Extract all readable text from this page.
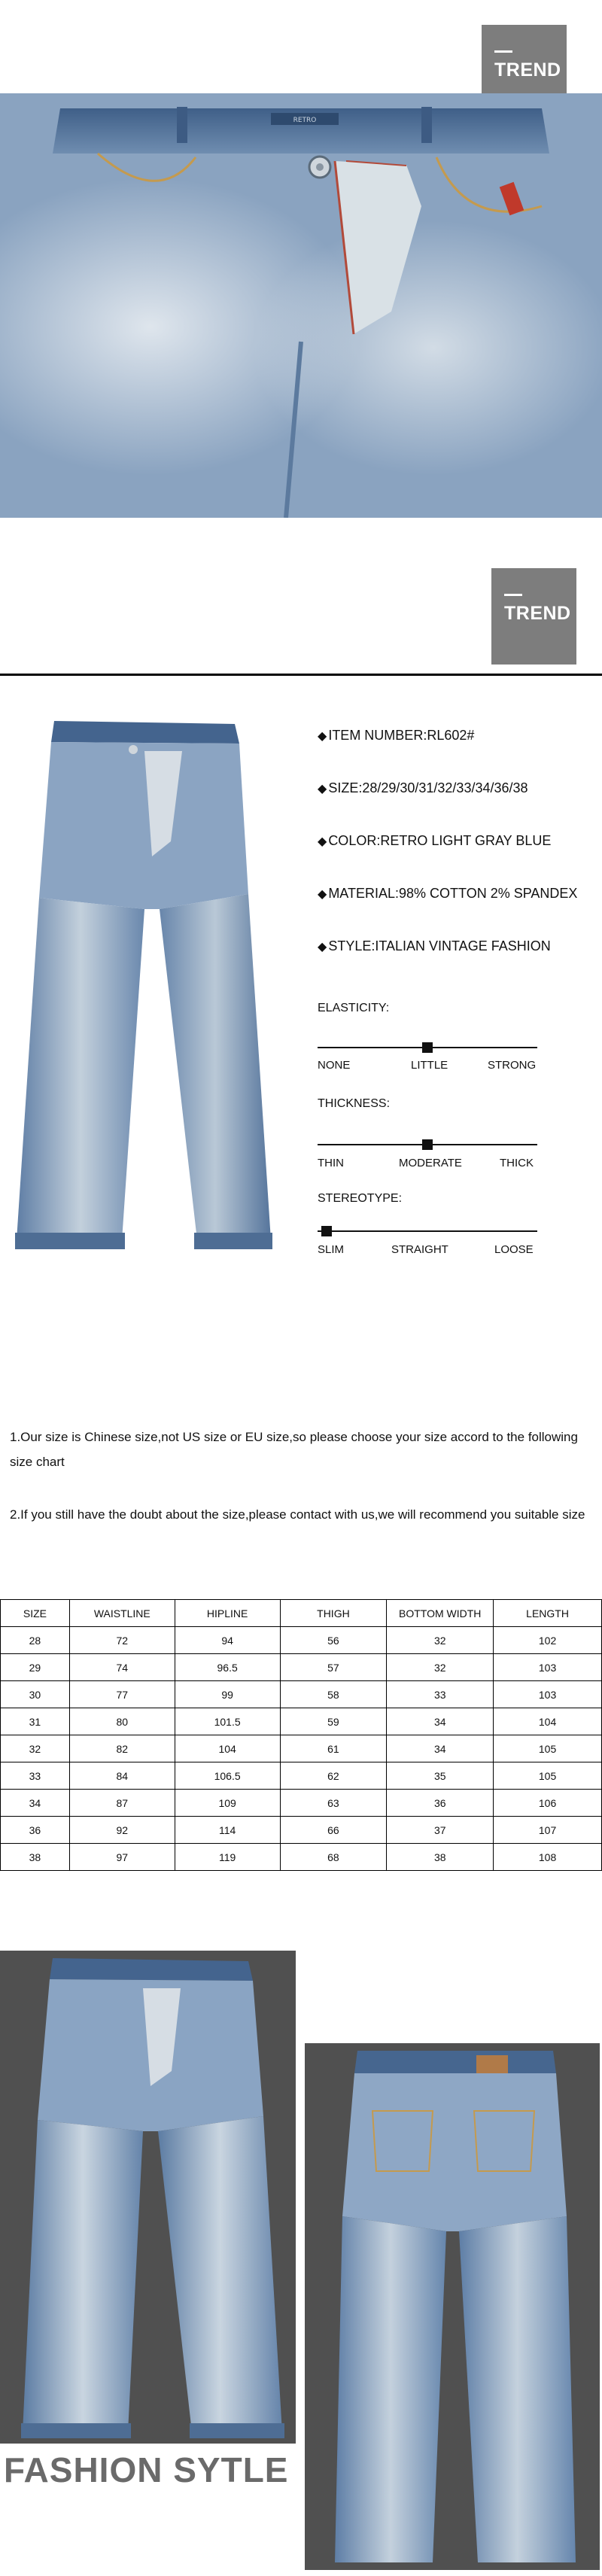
TREND
RETRO
TREND
◆ ITEM NUMBER:RL602#
◆ SIZE:28/29/30/31/32/33/34/36/38
◆ COLOR:RETRO LIGHT GRAY BLUE
◆ MATERIAL:98% COTTON 2% SPANDEX
◆ STYLE:ITALIAN VINTAGE FASHION
ELASTICITY:
NONE	LITTLE	STRONG
THICKNESS:
THIN	MODERATE	THICK
STEREOTYPE:
SLIM	STRAIGHT	LOOSE
1.Our size is Chinese size,not US size or EU size,so please choose your size accord to the following size chart
2.If you still have the doubt about the size,please contact with us,we will recommend you suitable size
SIZE	WAISTLINE	HIPLINE	THIGH	BOTTOM WIDTH	LENGTH
28	72	94	56	32	102
29	74	96.5	57	32	103
30	77	99	58	33	103
31	80	101.5	59	34	104
32	82	104	61	34	105
33	84	106.5	62	35	105
34	87	109	63	36	106
36	92	114	66	37	107
38	97	119	68	38	108
FASHION SYTLE
